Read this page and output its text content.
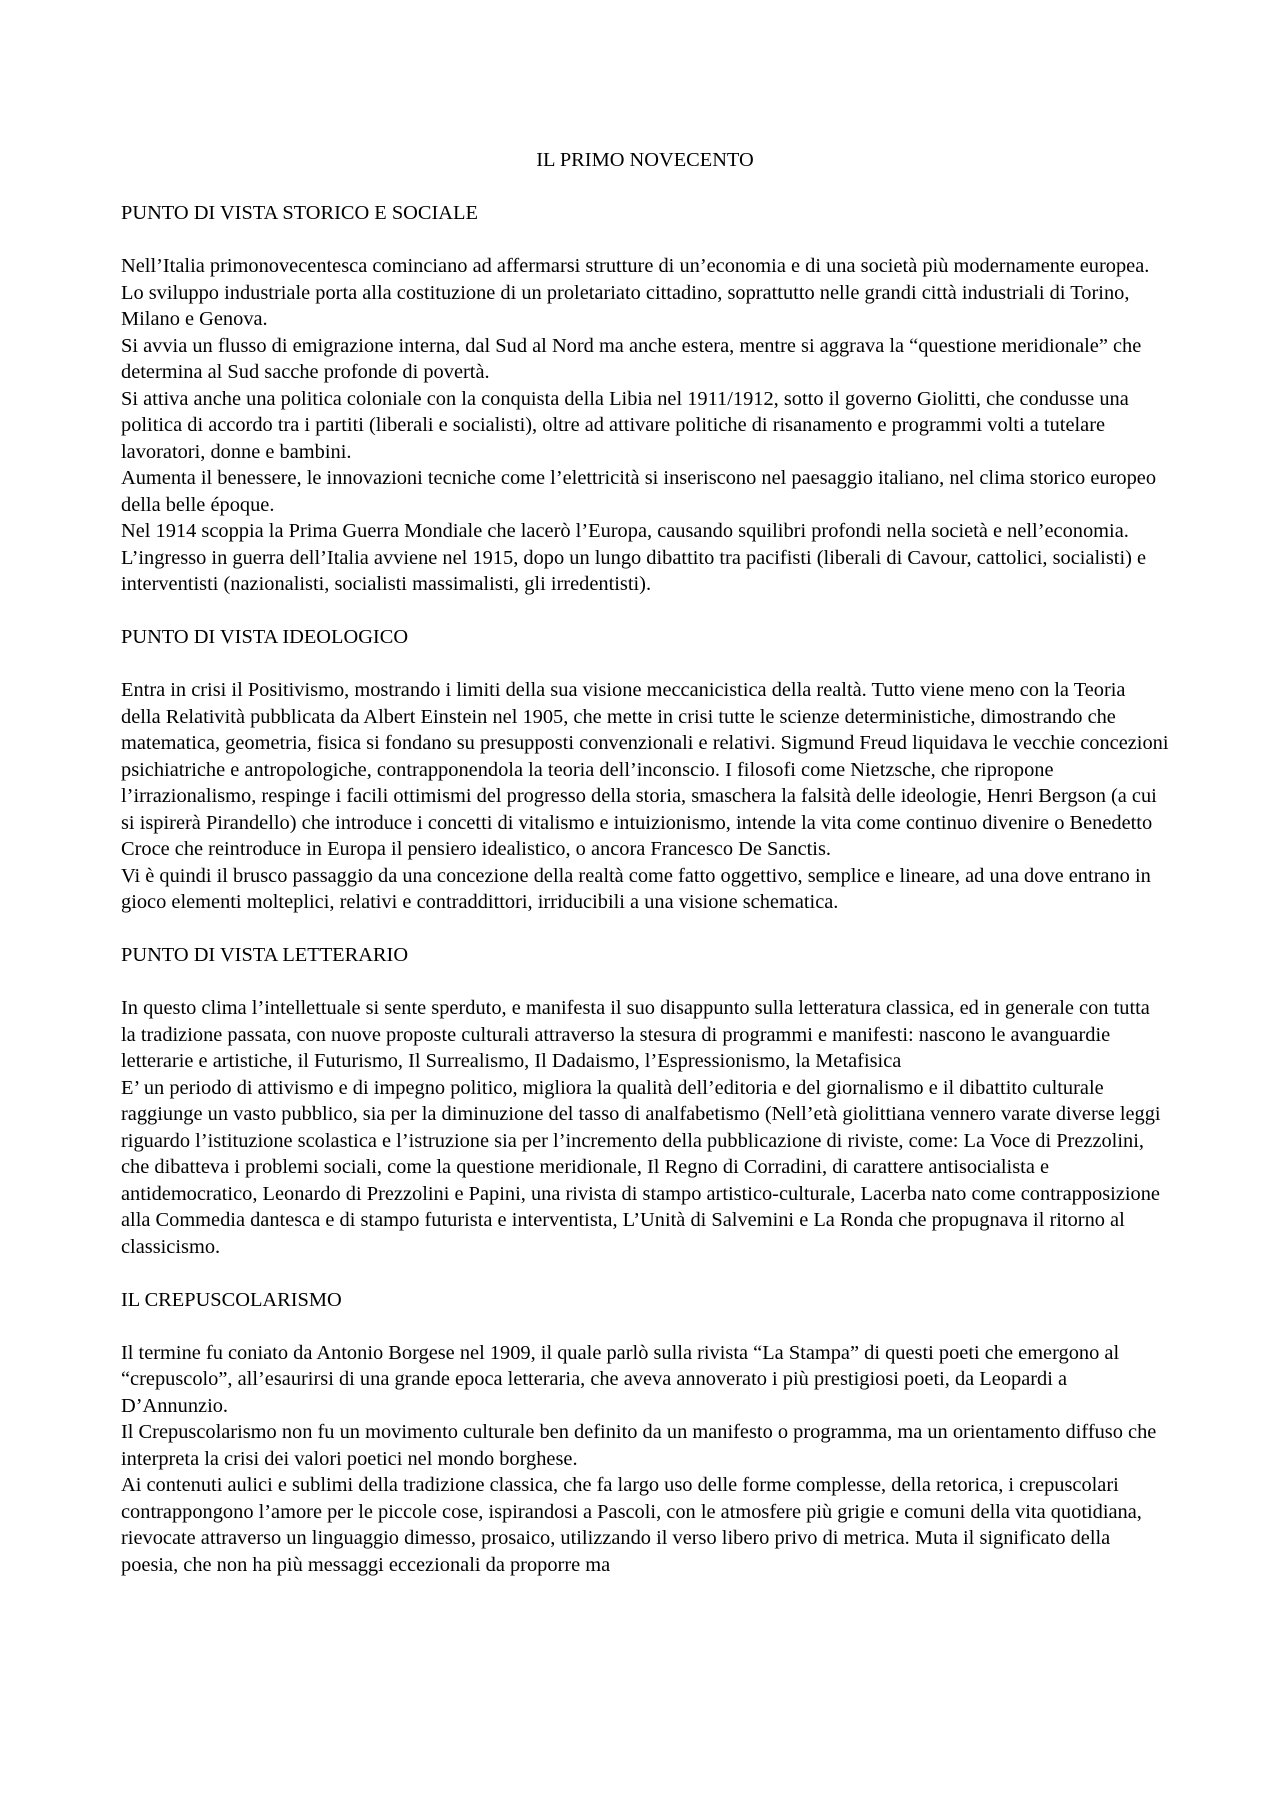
IL PRIMO NOVECENTO
PUNTO DI VISTA STORICO E SOCIALE

Nell’Italia primonovecentesca cominciano ad affermarsi strutture di un’economia e di una società più modernamente europea. Lo sviluppo industriale porta alla costituzione di un proletariato cittadino, soprattutto nelle grandi città industriali di Torino, Milano e Genova.

Si avvia un flusso di emigrazione interna, dal Sud al Nord ma anche estera, mentre si aggrava la “questione meridionale” che determina al Sud sacche profonde di povertà.

Si attiva anche una politica coloniale con la conquista della Libia nel 1911/1912, sotto il governo Giolitti, che condusse una politica di accordo tra i partiti (liberali e socialisti), oltre ad attivare politiche di risanamento e programmi volti a tutelare lavoratori, donne e bambini.

Aumenta il benessere, le innovazioni tecniche come l’elettricità si inseriscono nel paesaggio italiano, nel clima storico europeo della belle époque.

Nel 1914 scoppia la Prima Guerra Mondiale che lacerò l’Europa, causando squilibri profondi nella società e nell’economia. L’ingresso in guerra dell’Italia avviene nel 1915, dopo un lungo dibattito tra pacifisti (liberali di Cavour, cattolici, socialisti) e interventisti (nazionalisti, socialisti massimalisti, gli irredentisti).

PUNTO DI VISTA IDEOLOGICO

Entra in crisi il Positivismo, mostrando i limiti della sua visione meccanicistica della realtà. Tutto viene meno con la Teoria della Relatività pubblicata da Albert Einstein nel 1905, che mette in crisi tutte le scienze deterministiche, dimostrando che matematica, geometria, fisica si fondano su presupposti convenzionali e relativi. Sigmund Freud liquidava le vecchie concezioni psichiatriche e antropologiche, contrapponendola la teoria dell’inconscio. I filosofi come Nietzsche, che ripropone l’irrazionalismo, respinge i facili ottimismi del progresso della storia, smaschera la falsità delle ideologie, Henri Bergson (a cui si ispirerà Pirandello) che introduce i concetti di vitalismo e intuizionismo, intende la vita come continuo divenire o Benedetto Croce che reintroduce in Europa il pensiero idealistico, o ancora Francesco De Sanctis.

Vi è quindi il brusco passaggio da una concezione della realtà come fatto oggettivo, semplice e lineare, ad una dove entrano in gioco elementi molteplici, relativi e contraddittori, irriducibili a una visione schematica.

PUNTO DI VISTA LETTERARIO

In questo clima l’intellettuale si sente sperduto, e manifesta il suo disappunto sulla letteratura classica, ed in generale con tutta la tradizione passata, con nuove proposte culturali attraverso la stesura di programmi e manifesti: nascono le avanguardie letterarie e artistiche, il Futurismo, Il Surrealismo, Il Dadaismo, l’Espressionismo, la Metafisica

E’ un periodo di attivismo e di impegno politico, migliora la qualità dell’editoria e del giornalismo e il dibattito culturale raggiunge un vasto pubblico, sia per la diminuzione del tasso di analfabetismo (Nell’età giolittiana vennero varate diverse leggi riguardo l’istituzione scolastica e l’istruzione sia per l’incremento della pubblicazione di riviste, come: La Voce di Prezzolini, che dibatteva i problemi sociali, come la questione meridionale, Il Regno di Corradini, di carattere antisocialista e antidemocratico, Leonardo di Prezzolini e Papini, una rivista di stampo artistico-culturale, Lacerba nato come contrapposizione alla Commedia dantesca e di stampo futurista e interventista, L’Unità di Salvemini e La Ronda che propugnava il ritorno al classicismo.

IL CREPUSCOLARISMO

Il termine fu coniato da Antonio Borgese nel 1909, il quale parlò sulla rivista “La Stampa” di questi poeti che emergono al “crepuscolo”, all’esaurirsi di una grande epoca letteraria, che aveva annoverato i più prestigiosi poeti, da Leopardi a D’Annunzio.

Il Crepuscolarismo non fu un movimento culturale ben definito da un manifesto o programma, ma un orientamento diffuso che interpreta la crisi dei valori poetici nel mondo borghese.

Ai contenuti aulici e sublimi della tradizione classica, che fa largo uso delle forme complesse, della retorica, i crepuscolari contrappongono l’amore per le piccole cose, ispirandosi a Pascoli, con le atmosfere più grigie e comuni della vita quotidiana, rievocate attraverso un linguaggio dimesso, prosaico, utilizzando il verso libero privo di metrica. Muta il significato della poesia, che non ha più messaggi eccezionali da proporre ma
